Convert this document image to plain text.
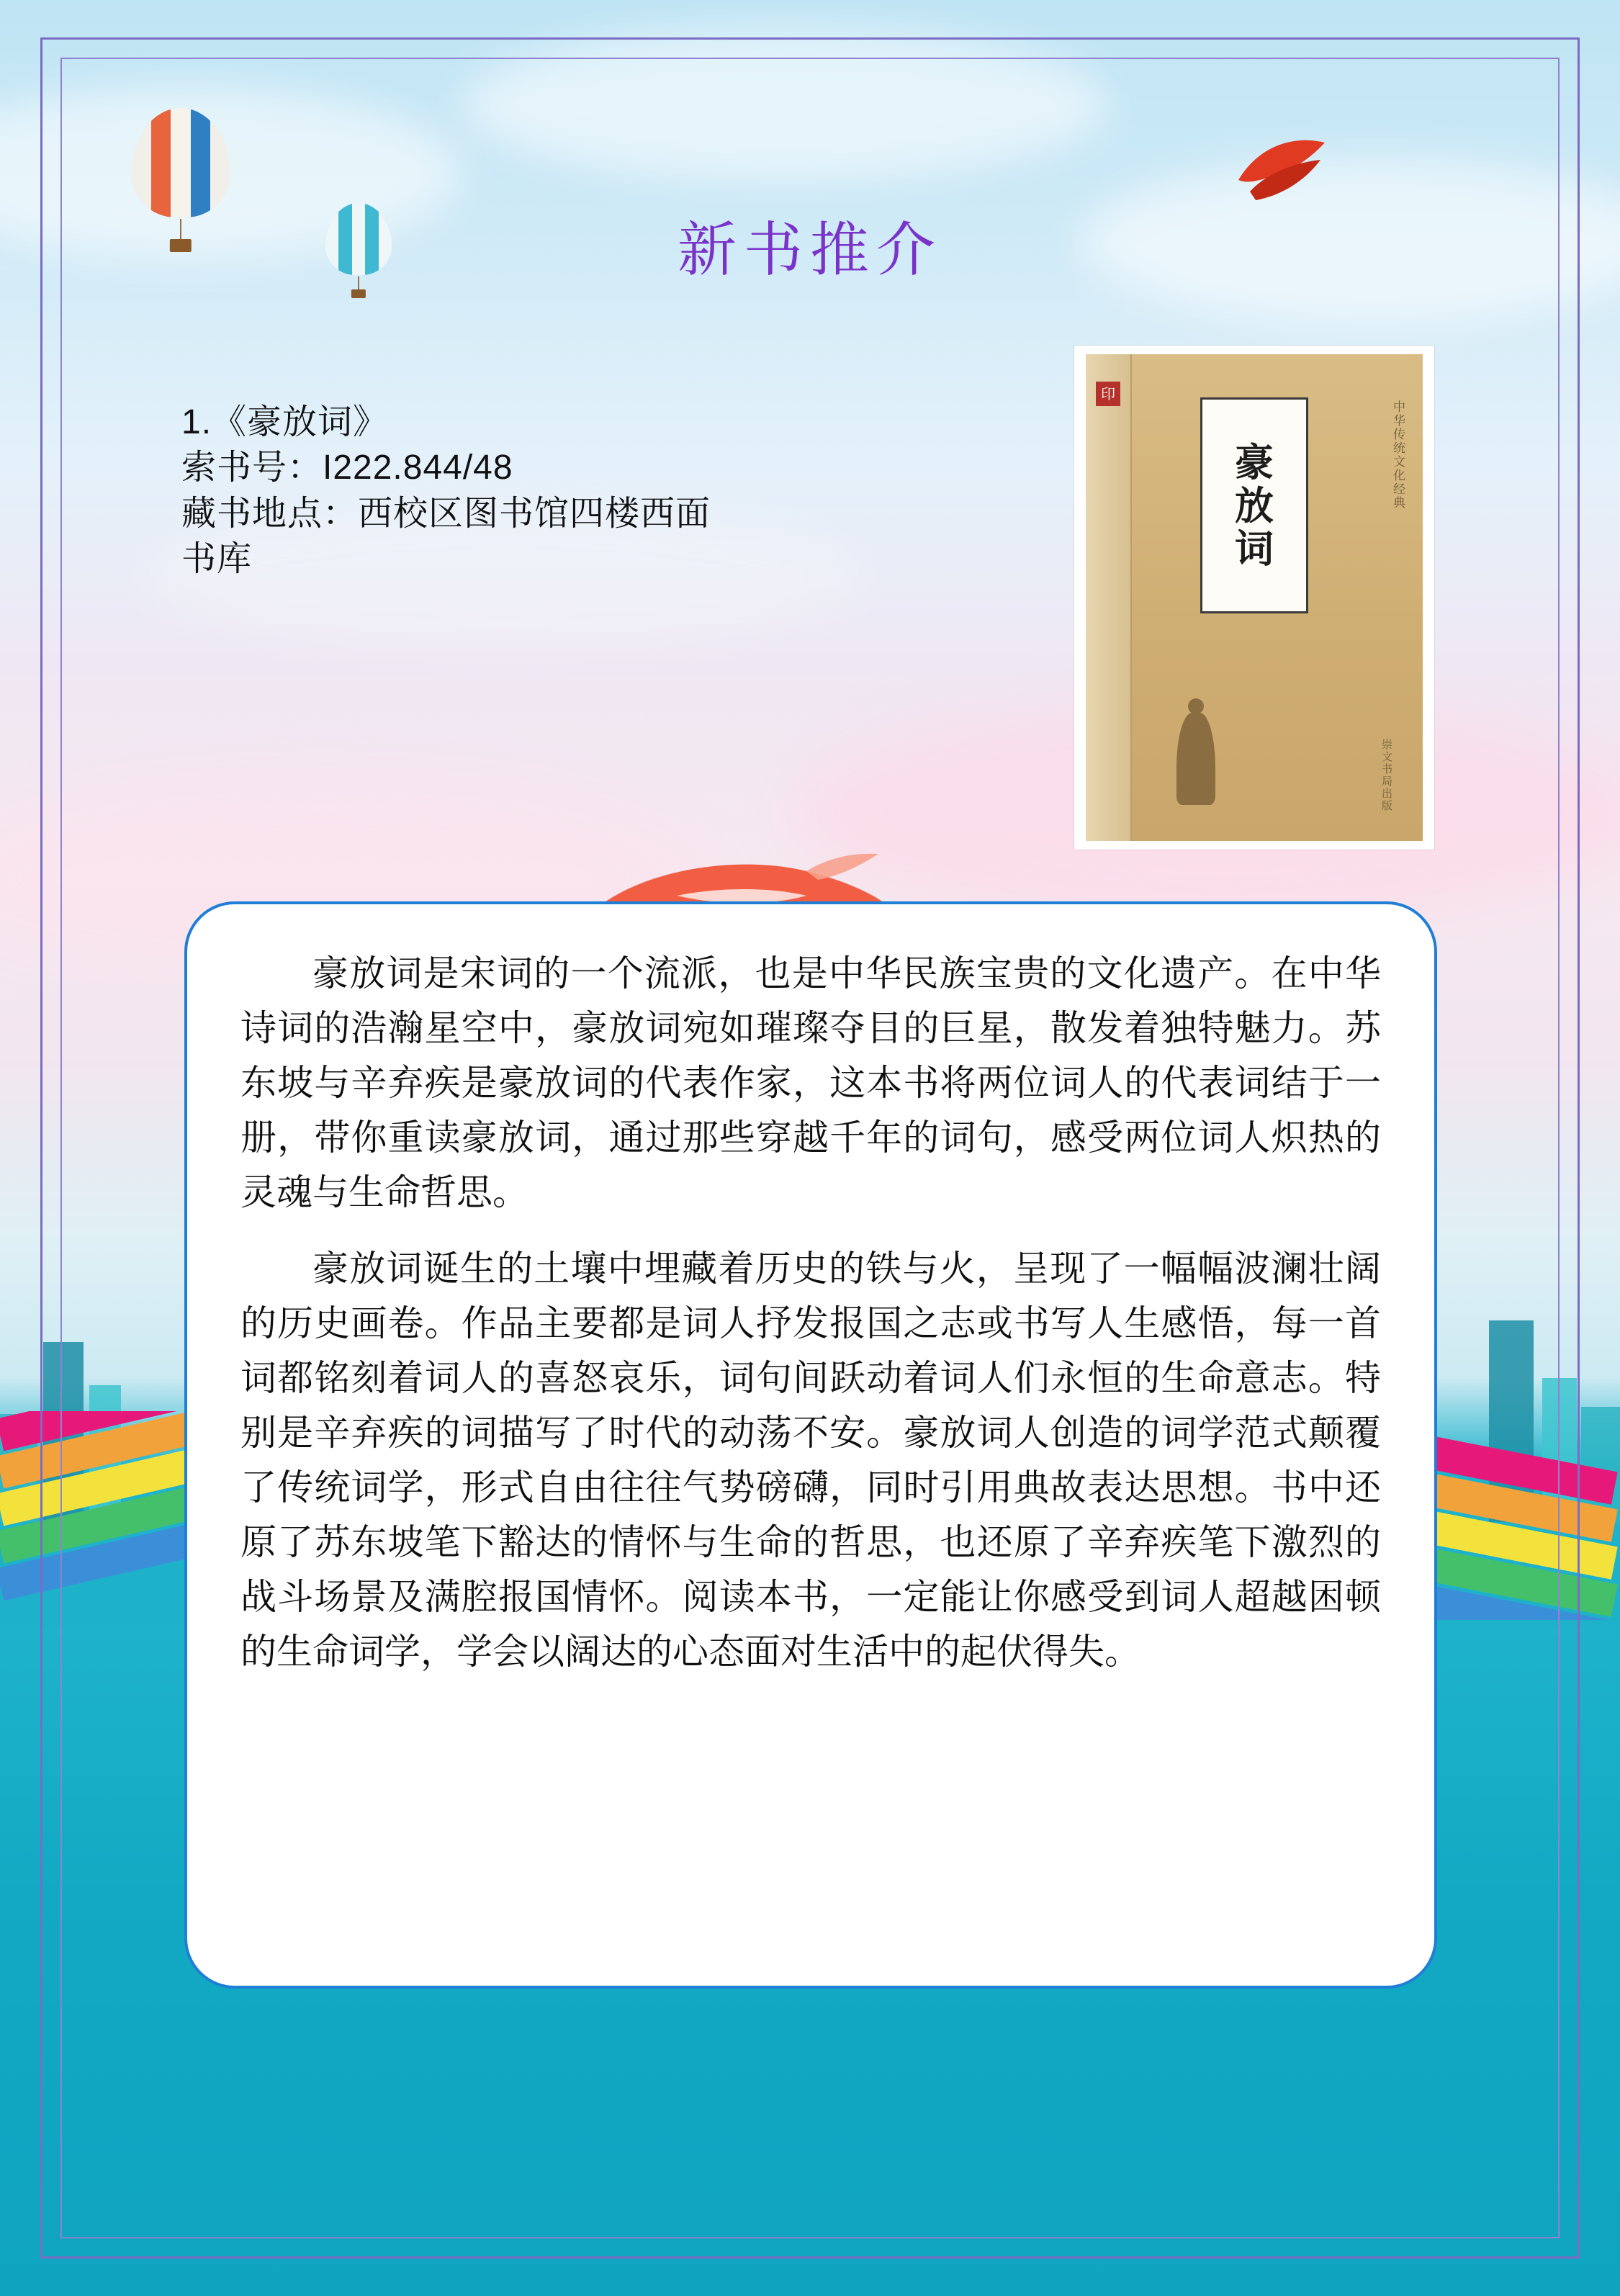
新书推介
1.《豪放词》
索书号：I222.844/48
藏书地点：西校区图书馆四楼西面
书库
印
豪
放
词
中华传统文化经典
崇文书局出版

豪放词是宋词的一个流派，也是中华民族宝贵的文化遗产。在中华诗词的浩瀚星空中，豪放词宛如璀璨夺目的巨星，散发着独特魅力。苏东坡与辛弃疾是豪放词的代表作家，这本书将两位词人的代表词结于一册，带你重读豪放词，通过那些穿越千年的词句，感受两位词人炽热的灵魂与生命哲思。

豪放词诞生的土壤中埋藏着历史的铁与火，呈现了一幅幅波澜壮阔的历史画卷。作品主要都是词人抒发报国之志或书写人生感悟，每一首词都铭刻着词人的喜怒哀乐，词句间跃动着词人们永恒的生命意志。特别是辛弃疾的词描写了时代的动荡不安。豪放词人创造的词学范式颠覆了传统词学，形式自由往往气势磅礴，同时引用典故表达思想。书中还原了苏东坡笔下豁达的情怀与生命的哲思，也还原了辛弃疾笔下激烈的战斗场景及满腔报国情怀。阅读本书，一定能让你感受到词人超越困顿的生命词学，学会以阔达的心态面对生活中的起伏得失。
